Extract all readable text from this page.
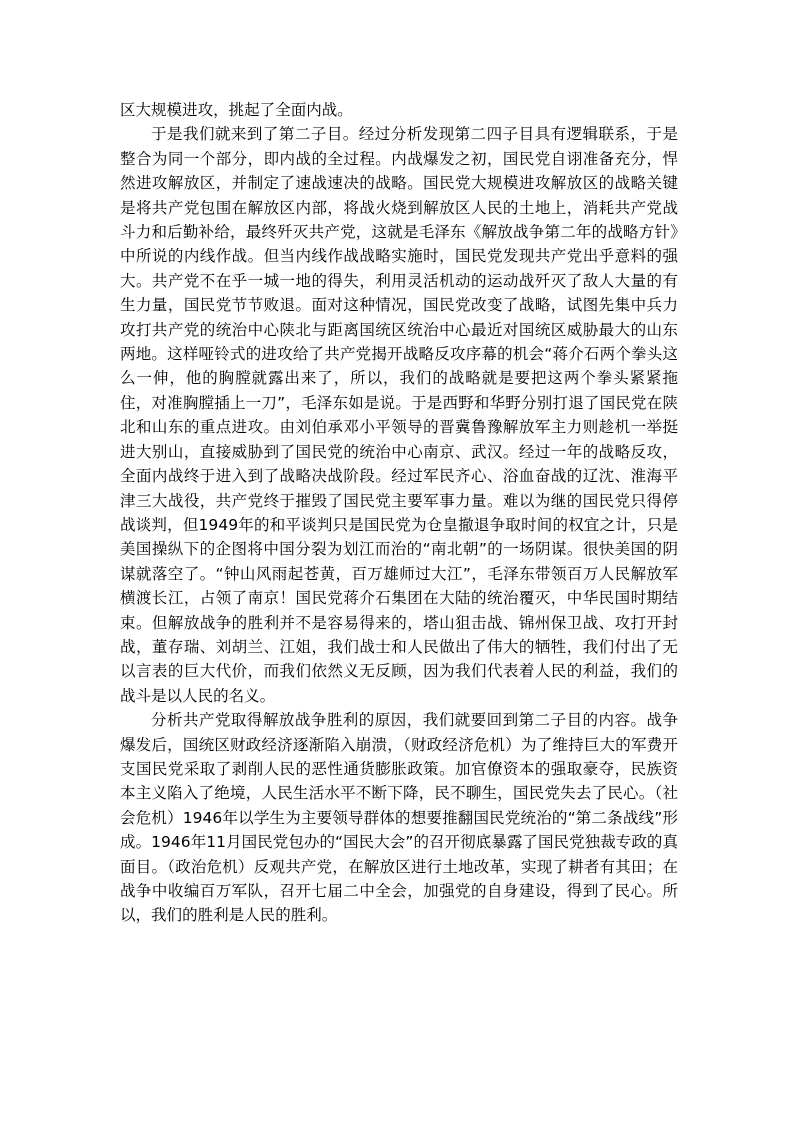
区大规模进攻，挑起了全面内战。

于是我们就来到了第二子目。经过分析发现第二四子目具有逻辑联系，于是整合为同一个部分，即内战的全过程。内战爆发之初，国民党自诩准备充分，悍然进攻解放区，并制定了速战速决的战略。国民党大规模进攻解放区的战略关键是将共产党包围在解放区内部，将战火烧到解放区人民的土地上，消耗共产党战斗力和后勤补给，最终歼灭共产党，这就是毛泽东《解放战争第二年的战略方针》中所说的内线作战。但当内线作战战略实施时，国民党发现共产党出乎意料的强大。共产党不在乎一城一地的得失，利用灵活机动的运动战歼灭了敌人大量的有生力量，国民党节节败退。面对这种情况，国民党改变了战略，试图先集中兵力攻打共产党的统治中心陕北与距离国统区统治中心最近对国统区威胁最大的山东两地。这样哑铃式的进攻给了共产党揭开战略反攻序幕的机会“蒋介石两个拳头这么一伸，他的胸膛就露出来了，所以，我们的战略就是要把这两个拳头紧紧拖住，对准胸膛插上一刀”，毛泽东如是说。于是西野和华野分别打退了国民党在陕北和山东的重点进攻。由刘伯承邓小平领导的晋冀鲁豫解放军主力则趁机一举挺进大别山，直接威胁到了国民党的统治中心南京、武汉。经过一年的战略反攻，全面内战终于进入到了战略决战阶段。经过军民齐心、浴血奋战的辽沈、淮海平津三大战役，共产党终于摧毁了国民党主要军事力量。难以为继的国民党只得停战谈判，但1949年的和平谈判只是国民党为仓皇撤退争取时间的权宜之计，只是美国操纵下的企图将中国分裂为划江而治的“南北朝”的一场阴谋。很快美国的阴谋就落空了。“钟山风雨起苍黄，百万雄师过大江”，毛泽东带领百万人民解放军横渡长江，占领了南京！国民党蒋介石集团在大陆的统治覆灭，中华民国时期结束。但解放战争的胜利并不是容易得来的，塔山狙击战、锦州保卫战、攻打开封战，董存瑞、刘胡兰、江姐，我们战士和人民做出了伟大的牺牲，我们付出了无以言表的巨大代价，而我们依然义无反顾，因为我们代表着人民的利益，我们的战斗是以人民的名义。

分析共产党取得解放战争胜利的原因，我们就要回到第二子目的内容。战争爆发后，国统区财政经济逐渐陷入崩溃，（财政经济危机）为了维持巨大的军费开支国民党采取了剥削人民的恶性通货膨胀政策。加官僚资本的强取豪夺，民族资本主义陷入了绝境，人民生活水平不断下降，民不聊生，国民党失去了民心。（社会危机）1946年以学生为主要领导群体的想要推翻国民党统治的“第二条战线”形成。1946年11月国民党包办的“国民大会”的召开彻底暴露了国民党独裁专政的真面目。（政治危机）反观共产党，在解放区进行土地改革，实现了耕者有其田；在战争中收编百万军队，召开七届二中全会，加强党的自身建设，得到了民心。所以，我们的胜利是人民的胜利。
